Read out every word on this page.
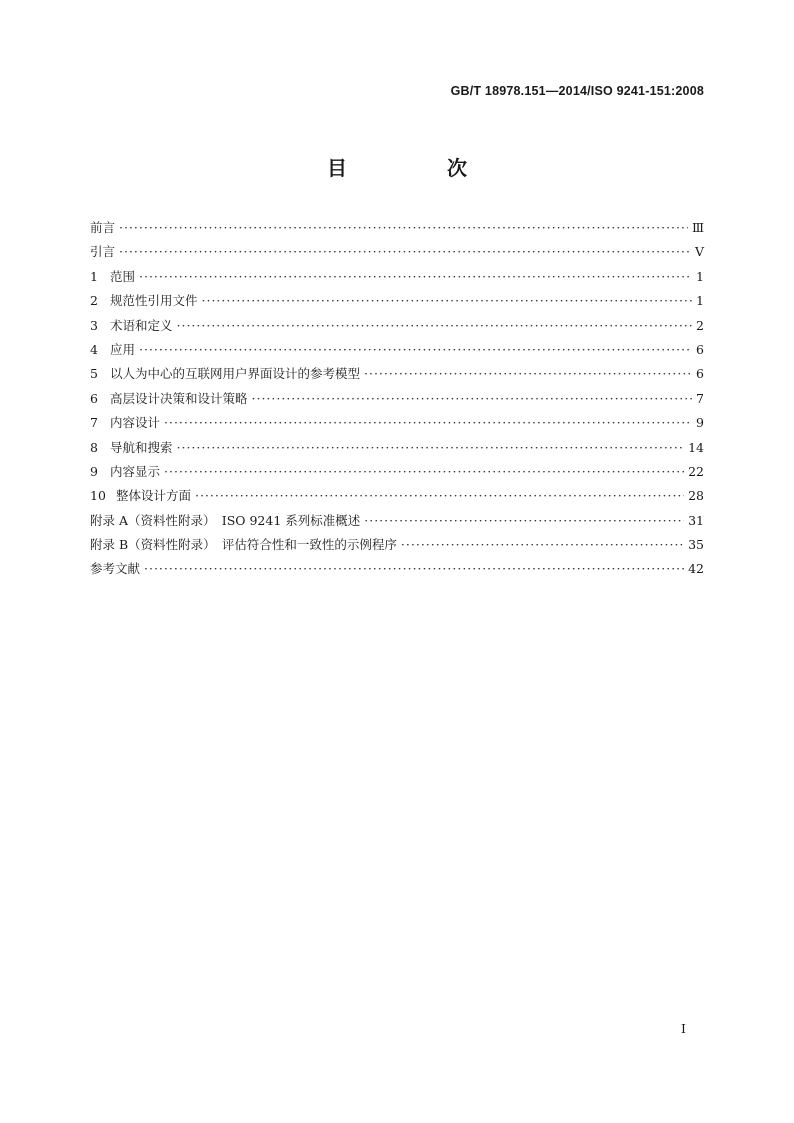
GB/T 18978.151—2014/ISO 9241-151:2008
目　次
前言 ·····	Ⅲ
引言 ·····	Ⅴ
1 范围 ·····	1
2 规范性引用文件 ·····	1
3 术语和定义 ·····	2
4 应用 ·····	6
5 以人为中心的互联网用户界面设计的参考模型 ·····	6
6 高层设计决策和设计策略 ·····	7
7 内容设计 ·····	9
8 导航和搜索 ·····	14
9 内容显示 ·····	22
10 整体设计方面 ·····	28
附录 A（资料性附录）　ISO 9241 系列标准概述 ·····	31
附录 B（资料性附录）　评估符合性和一致性的示例程序 ·····	35
参考文献 ·····	42
I
